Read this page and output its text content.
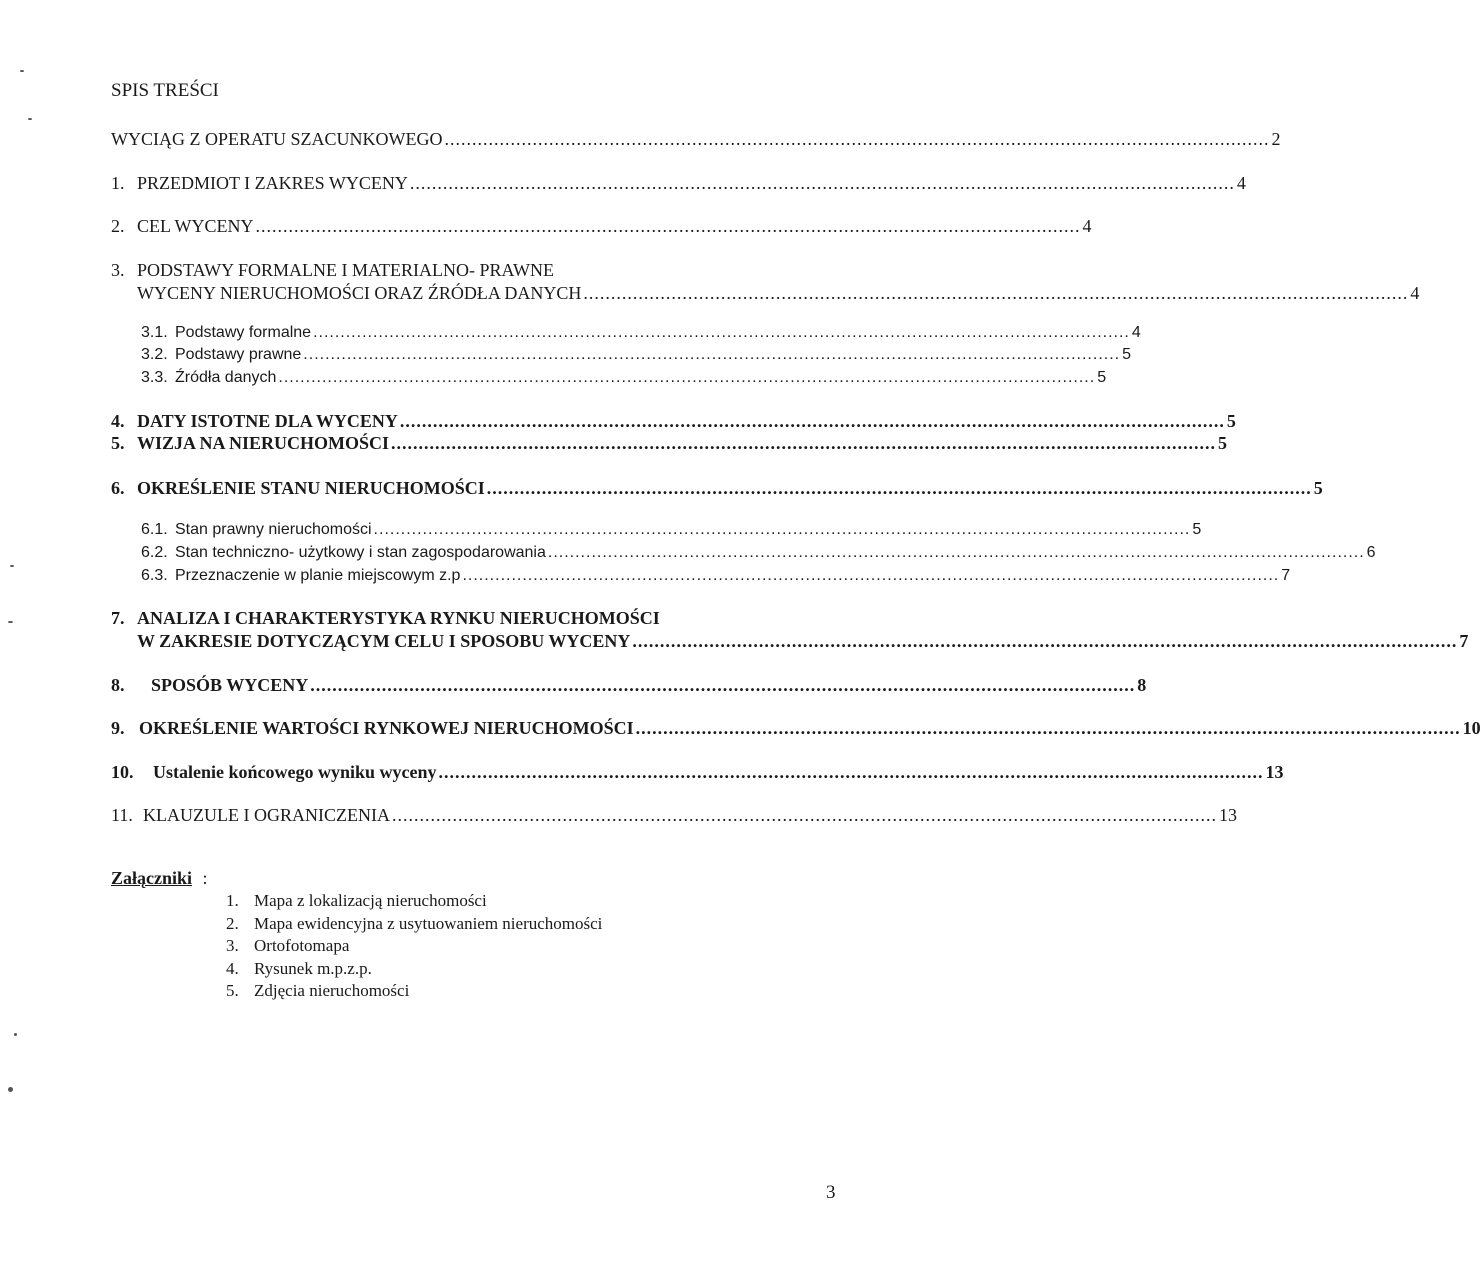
SPIS TREŚCI
WYCIĄG Z OPERATU SZACUNKOWEGO ...................................................................................................................................................... 2
1. PRZEDMIOT I ZAKRES WYCENY ...................................................................................................................................................... 4
2. CEL WYCENY ...................................................................................................................................................... 4
3. PODSTAWY FORMALNE I MATERIALNO- PRAWNE
WYCENY NIERUCHOMOŚCI ORAZ ŹRÓDŁA DANYCH ...................................................................................................................................................... 4
3.1. Podstawy formalne ...................................................................................................................................................... 4
3.2. Podstawy prawne ...................................................................................................................................................... 5
3.3. Źródła danych ...................................................................................................................................................... 5
4. DATY ISTOTNE DLA WYCENY ...................................................................................................................................................... 5
5. WIZJA NA NIERUCHOMOŚCI ...................................................................................................................................................... 5
6. OKREŚLENIE STANU NIERUCHOMOŚCI ...................................................................................................................................................... 5
6.1. Stan prawny nieruchomości ...................................................................................................................................................... 5
6.2. Stan techniczno- użytkowy i stan zagospodarowania ...................................................................................................................................................... 6
6.3. Przeznaczenie w planie miejscowym z.p ...................................................................................................................................................... 7
7. ANALIZA I CHARAKTERYSTYKA RYNKU NIERUCHOMOŚCI
W ZAKRESIE DOTYCZĄCYM CELU I SPOSOBU WYCENY ...................................................................................................................................................... 7
8. SPOSÓB WYCENY ...................................................................................................................................................... 8
9. OKREŚLENIE WARTOŚCI RYNKOWEJ NIERUCHOMOŚCI ...................................................................................................................................................... 10
10. Ustalenie końcowego wyniku wyceny ...................................................................................................................................................... 13
11. KLAUZULE I OGRANICZENIA ...................................................................................................................................................... 13
Załączniki :
1. Mapa z lokalizacją nieruchomości
2. Mapa ewidencyjna z usytuowaniem nieruchomości
3. Ortofotomapa
4. Rysunek m.p.z.p.
5. Zdjęcia nieruchomości
3
